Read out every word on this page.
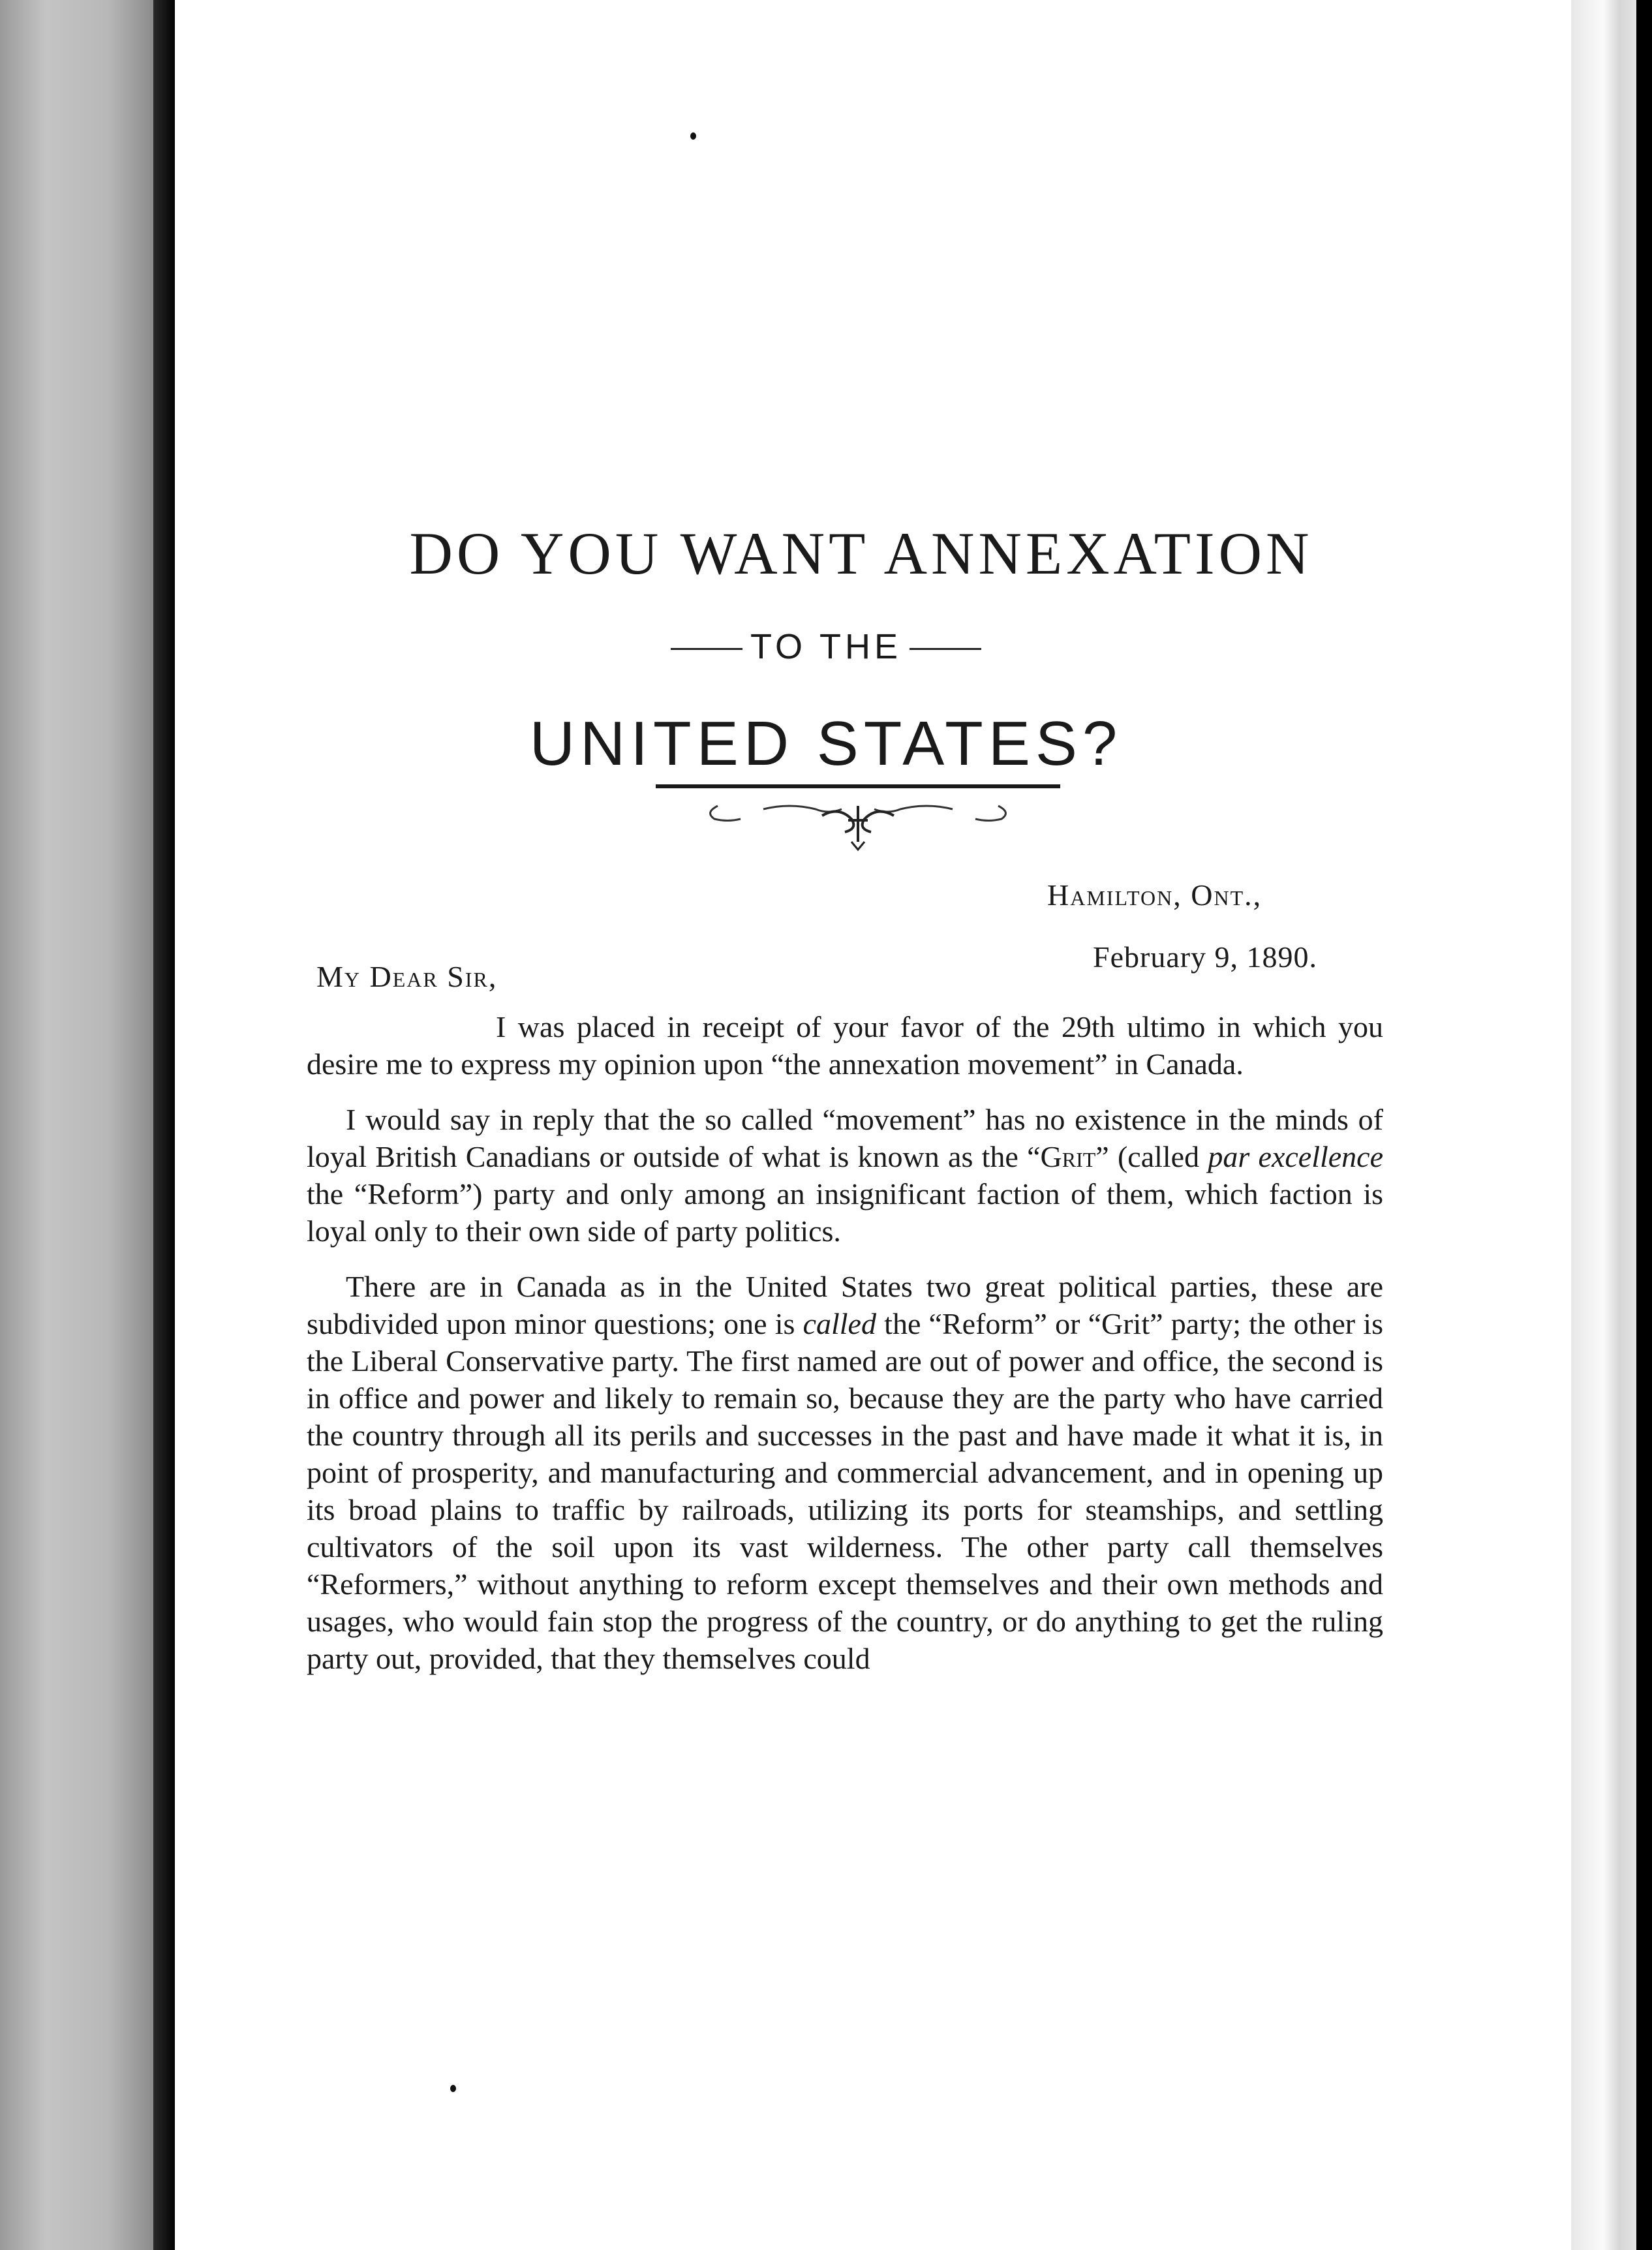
DO YOU WANT ANNEXATION
TO THE
UNITED STATES?
Hamilton, Ont.,
February 9, 1890.
My Dear Sir,

I was placed in receipt of your favor of the 29th ultimo in which you desire me to express my opinion upon “the annexation movement” in Canada.

I would say in reply that the so called “movement” has no existence in the minds of loyal British Canadians or outside of what is known as the “Grit” (called par excellence the “Reform”) party and only among an insignificant faction of them, which faction is loyal only to their own side of party politics.

There are in Canada as in the United States two great political parties, these are subdivided upon minor questions; one is called the “Reform” or “Grit” party; the other is the Liberal Conservative party. The first named are out of power and office, the second is in office and power and likely to remain so, because they are the party who have carried the country through all its perils and successes in the past and have made it what it is, in point of prosperity, and manufacturing and commercial advancement, and in opening up its broad plains to traffic by railroads, utilizing its ports for steamships, and settling cultivators of the soil upon its vast wilderness. The other party call themselves “Reformers,” without anything to reform except themselves and their own methods and usages, who would fain stop the progress of the country, or do anything to get the ruling party out, provided, that they themselves could
